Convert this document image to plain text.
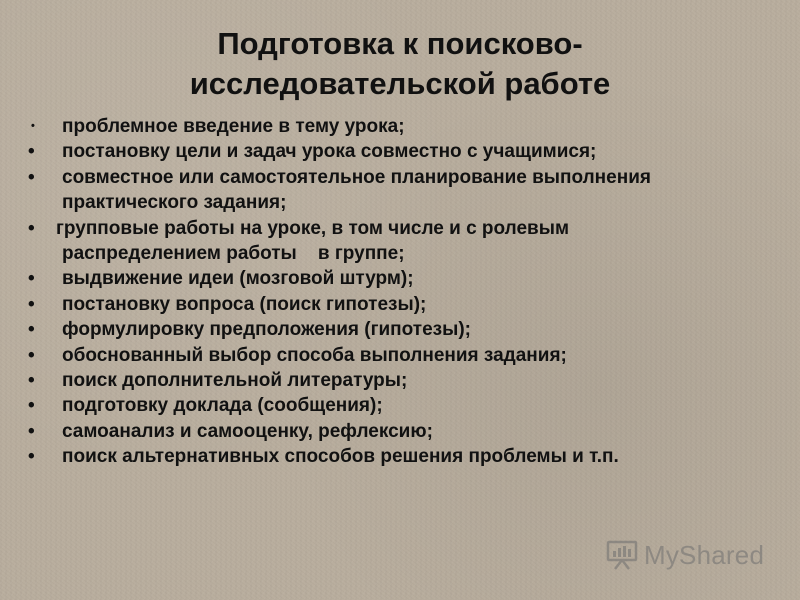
Подготовка к поисково-
исследовательской работе
•	проблемное введение в тему урока;
•	постановку цели и задач урока совместно с учащимися;
•	совместное или самостоятельное планирование выполнения
практического задания;
•	групповые работы на уроке, в том числе и с ролевым
распределением работы    в группе;
•	выдвижение идеи (мозговой штурм);
•	постановку вопроса (поиск гипотезы);
•	формулировку предположения (гипотезы);
•	обоснованный выбор способа выполнения задания;
•	поиск дополнительной литературы;
•	подготовку доклада (сообщения);
•	самоанализ и самооценку, рефлексию;
•	поиск альтернативных способов решения проблемы и т.п.
MyShared
